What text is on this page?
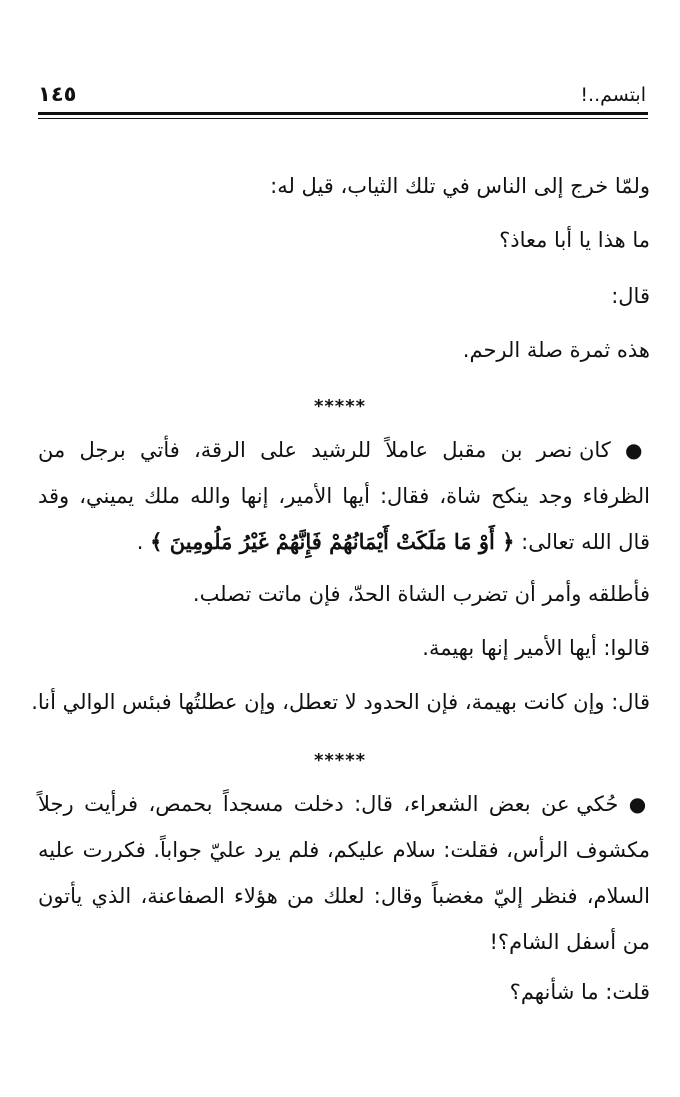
١٤٥	ابتسم..!
ولمّا خرج إلى الناس في تلك الثياب، قيل له:
ما هذا يا أبا معاذ؟
قال:
هذه ثمرة صلة الرحم.
*****
● كان نصر بن مقبل عاملاً للرشيد على الرقة، فأتي برجل من
الظرفاء وجد ينكح شاة، فقال: أيها الأمير، إنها والله ملك يميني، وقد
قال الله تعالى: ﴿ أَوْ مَا مَلَكَتْ أَيْمَانُهُمْ فَإِنَّهُمْ غَيْرُ مَلُومِينَ ﴾ .
فأطلقه وأمر أن تضرب الشاة الحدّ، فإن ماتت تصلب.
قالوا: أيها الأمير إنها بهيمة.
قال: وإن كانت بهيمة، فإن الحدود لا تعطل، وإن عطلتُها فبئس الوالي أنا.
*****
● حُكي عن بعض الشعراء، قال: دخلت مسجداً بحمص، فرأيت رجلاً
مكشوف الرأس، فقلت: سلام عليكم، فلم يرد عليّ جواباً. فكررت عليه
السلام، فنظر إليّ مغضباً وقال: لعلك من هؤلاء الصفاعنة، الذي يأتون
من أسفل الشام؟!
قلت: ما شأنهم؟
